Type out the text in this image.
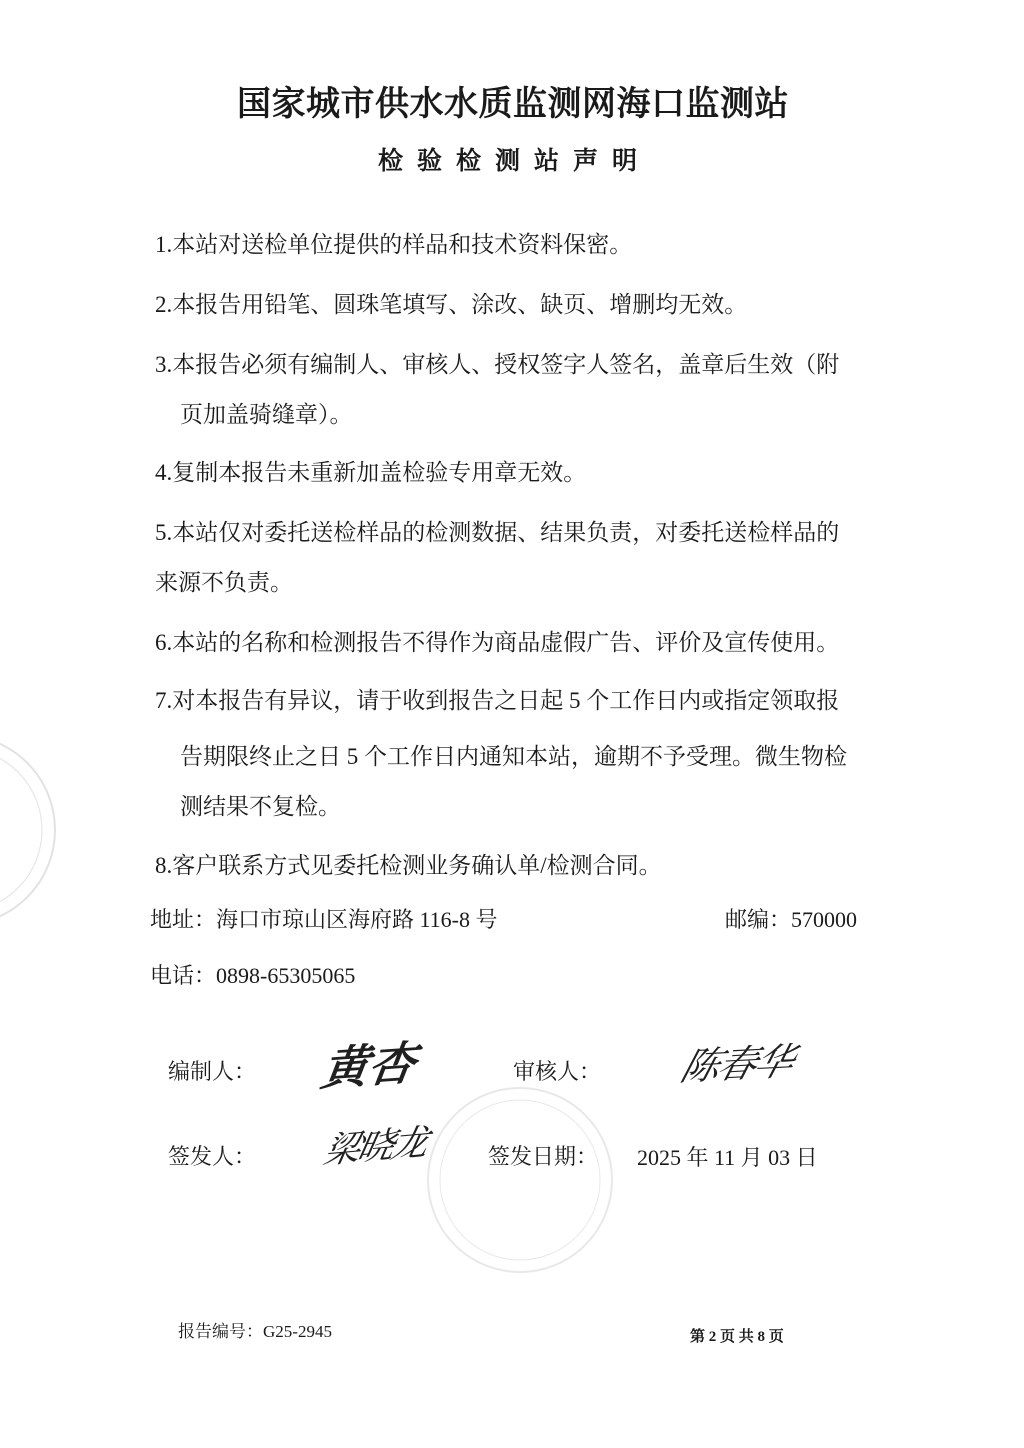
国家城市供水水质监测网海口监测站
检验检测站声明
1.本站对送检单位提供的样品和技术资料保密。
2.本报告用铅笔、圆珠笔填写、涂改、缺页、增删均无效。
3.本报告必须有编制人、审核人、授权签字人签名，盖章后生效（附
页加盖骑缝章）。
4.复制本报告未重新加盖检验专用章无效。
5.本站仅对委托送检样品的检测数据、结果负责，对委托送检样品的
来源不负责。
6.本站的名称和检测报告不得作为商品虚假广告、评价及宣传使用。
7.对本报告有异议，请于收到报告之日起 5 个工作日内或指定领取报
告期限终止之日 5 个工作日内通知本站，逾期不予受理。微生物检
测结果不复检。
8.客户联系方式见委托检测业务确认单/检测合同。
地址：海口市琼山区海府路 116-8 号	邮编：570000
电话：0898-65305065
编制人： 黄杏	审核人： 陈春华
签发人： 梁晓龙	签发日期： 2025 年 11 月 03 日
报告编号：G25-2945	第 2 页 共 8 页
